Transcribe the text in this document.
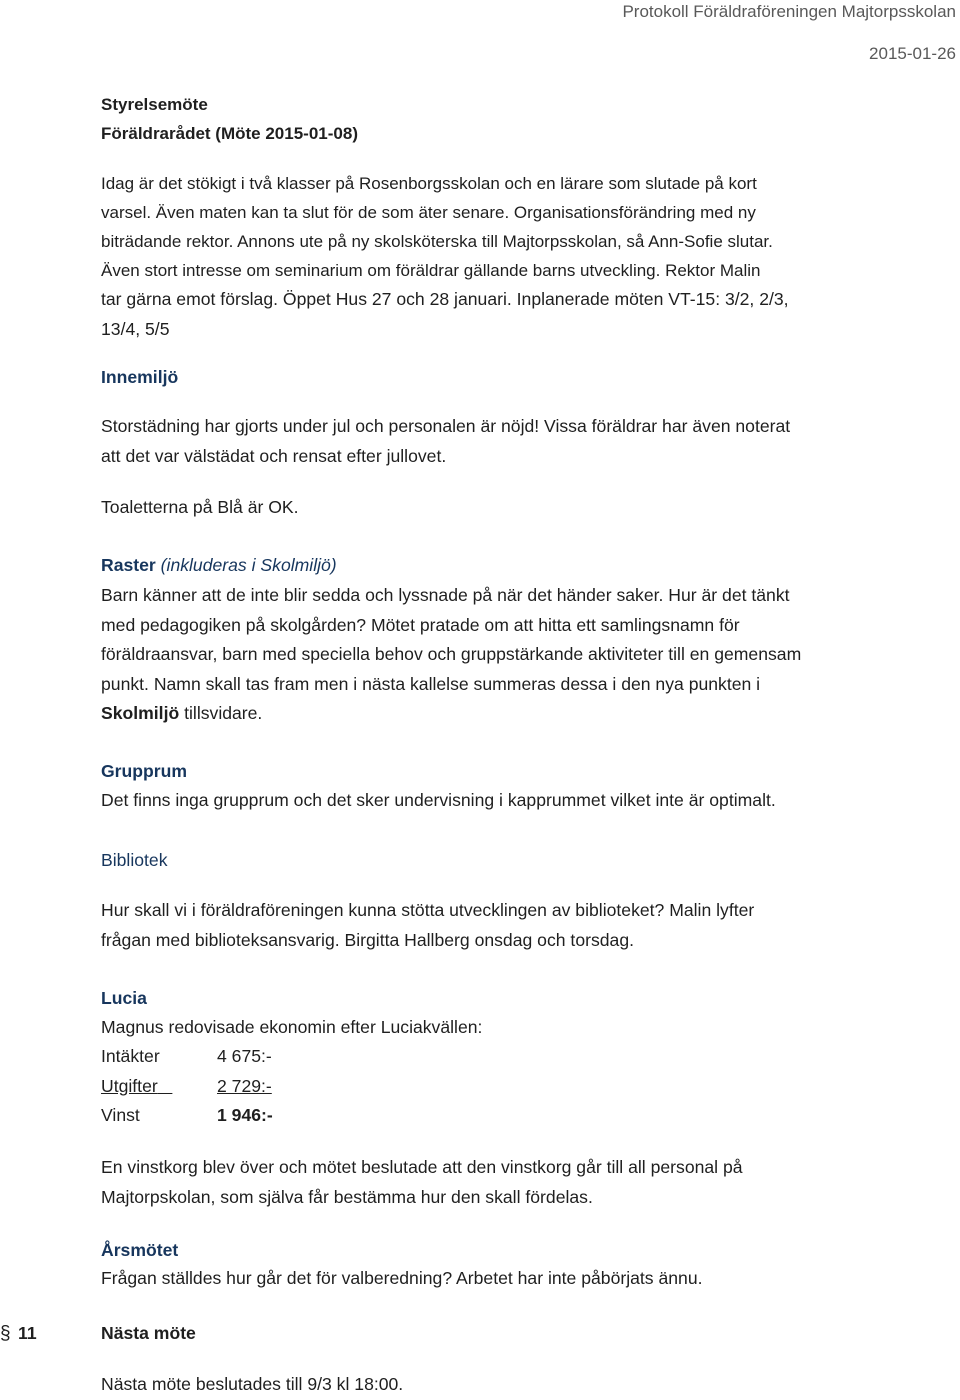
Protokoll Föräldraföreningen Majtorpsskolan
2015-01-26
Styrelsemöte
Föräldrarådet (Möte 2015-01-08)
Idag är det stökigt i två klasser på Rosenborgsskolan och en lärare som slutade på kort
varsel. Även maten kan ta slut för de som äter senare. Organisationsförändring med ny
biträdande rektor. Annons ute på ny skolsköterska till Majtorpsskolan, så Ann-Sofie slutar.
Även stort intresse om seminarium om föräldrar gällande barns utveckling. Rektor Malin
tar gärna emot förslag. Öppet Hus 27 och 28 januari. Inplanerade möten VT-15: 3/2, 2/3,
13/4, 5/5
Innemiljö
Storstädning har gjorts under jul och personalen är nöjd! Vissa föräldrar har även noterat
att det var välstädat och rensat efter jullovet.
Toaletterna på Blå är OK.
Raster (inkluderas i Skolmiljö)
Barn känner att de inte blir sedda och lyssnade på när det händer saker. Hur är det tänkt
med pedagogiken på skolgården? Mötet pratade om att hitta ett samlingsnamn för
föräldraansvar, barn med speciella behov och gruppstärkande aktiviteter till en gemensam
punkt. Namn skall tas fram men i nästa kallelse summeras dessa i den nya punkten i
Skolmiljö tillsvidare.
Grupprum
Det finns inga grupprum och det sker undervisning i kapprummet vilket inte är optimalt.
Bibliotek
Hur skall vi i föräldraföreningen kunna stötta utvecklingen av biblioteket? Malin lyfter
frågan med biblioteksansvarig. Birgitta Hallberg onsdag och torsdag.
Lucia
Magnus redovisade ekonomin efter Luciakvällen:
Intäkter	4 675:-
Utgifter	2 729:-
Vinst	1 946:-
En vinstkorg blev över och mötet beslutade att den vinstkorg går till all personal på
Majtorpskolan, som själva får bestämma hur den skall fördelas.
Årsmötet
Frågan ställdes hur går det för valberedning? Arbetet har inte påbörjats ännu.
§ 11	Nästa möte
Nästa möte beslutades till 9/3 kl 18:00.
